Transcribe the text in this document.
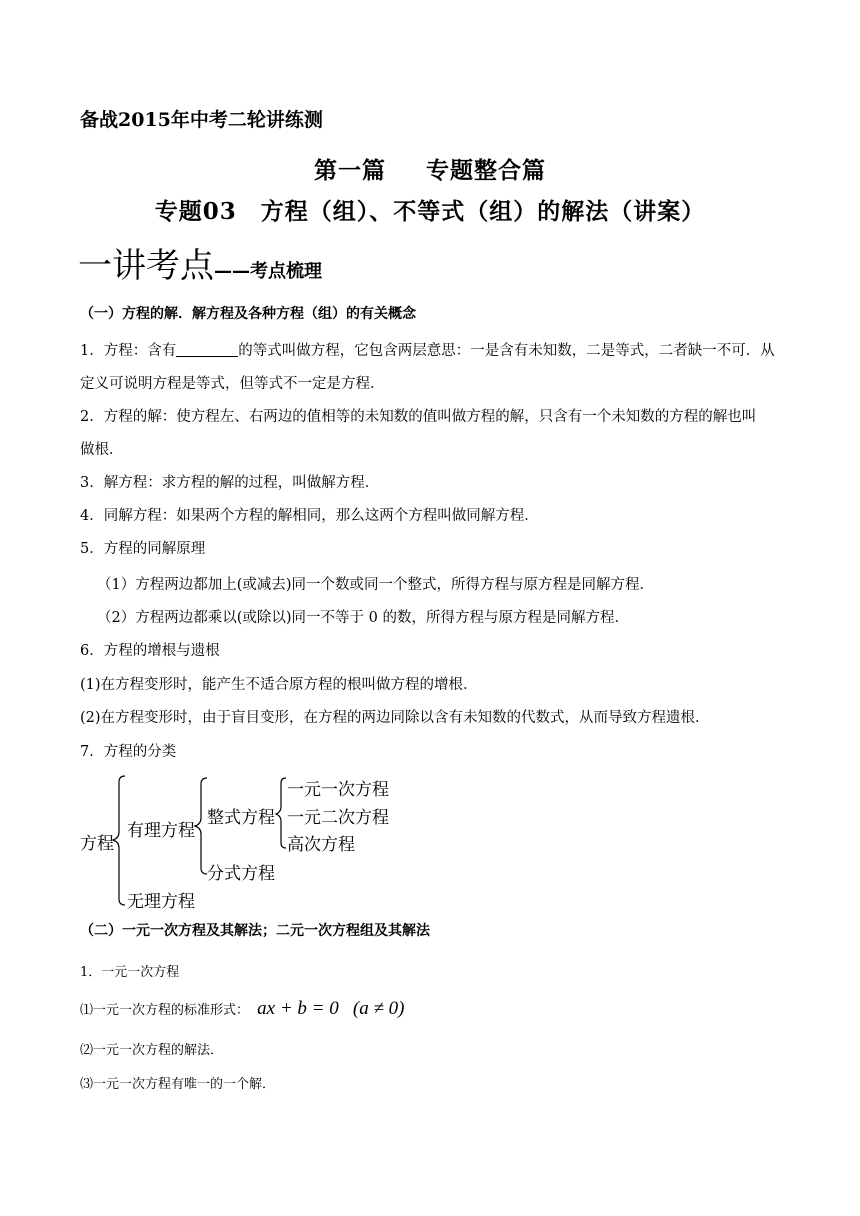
备战2015年中考二轮讲练测
第一篇 专题整合篇
专题03 方程（组）、不等式（组）的解法（讲案）
一讲考点——考点梳理
（一）方程的解．解方程及各种方程（组）的有关概念
1．方程：含有	的等式叫做方程，它包含两层意思：一是含有未知数，二是等式，二者缺一不可．从
定义可说明方程是等式，但等式不一定是方程．
2．方程的解：使方程左、右两边的值相等的未知数的值叫做方程的解，只含有一个未知数的方程的解也叫
做根．
3．解方程：求方程的解的过程，叫做解方程．
4．同解方程：如果两个方程的解相同，那么这两个方程叫做同解方程．
5．方程的同解原理
（1）方程两边都加上(或减去)同一个数或同一个整式，所得方程与原方程是同解方程．
（2）方程两边都乘以(或除以)同一不等于 0 的数，所得方程与原方程是同解方程．
6．方程的增根与遗根
(1)在方程变形时，能产生不适合原方程的根叫做方程的增根．
(2)在方程变形时，由于盲目变形，在方程的两边同除以含有未知数的代数式，从而导致方程遗根．
7．方程的分类
方程
有理方程
无理方程
整式方程
分式方程
一元一次方程
一元二次方程
高次方程
（二）一元一次方程及其解法；二元一次方程组及其解法
1．一元一次方程
⑴一元一次方程的标准形式： ax + b = 0 (a ≠ 0)
⑵一元一次方程的解法．
⑶一元一次方程有唯一的一个解．
